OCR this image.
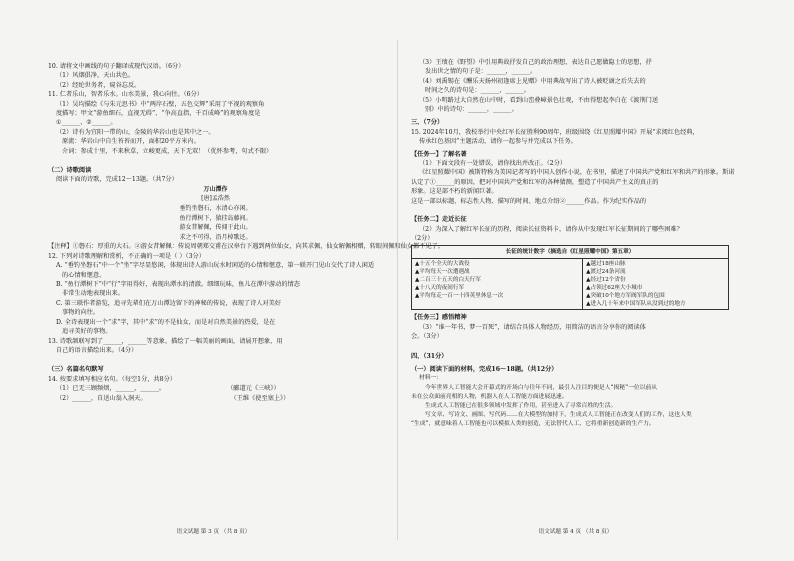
10. 请将文中画线的句子翻译成现代汉语。（6分）
（1）风烟俱净，天山共色。
（2）经纶世务者，窥谷忘反。
11. 仁者乐山，智者乐水。山水美景，我心向往。（6分）
（1）吴均描绘《与朱元思书》中“两岸石壁，五色交辉”采用了平视的观察角
度描写；甲文“游鱼细石，直视无碍”、“争高直指，千百成峰”的观察角度是
①______、②______。
（2）诗有为宜阳一带的山，金陵的华岩山也是其中之一。
原流：华岩山中自生苔苔而开，面积20平方米内。
介词：参成十里，不来秋草，立峻更成，天下无双！（优怀参考，句式不限）
（二）诗歌阅读
阅读下面的诗歌，完成12～13题。（共7分）
万山潭作
[唐]孟浩然
垂钓坐磐石，水清心亦闲。
鱼行潭树下，猿挂岛藤间。
游女昔解佩，传闻于此山。
求之不可得，沿月棹歌还。
【注释】①磐石：厚重的大石。②游女昔解佩：传说周朝郑交甫在汉皋台下遇到两位仙女，向其求佩，仙女解佩相赠，转眼间佩和仙女都不见了。
12. 下列对诗歌理解和赏析，不正确的一项是（ ）（3分）
A. “垂钓坐磐石”中一个“坐”字尽显悠闲，体现出诗人游山玩水时闲适的心情和惬意，第一联开门见山交代了诗人闲适
的心情和惬意。
B. “鱼行潭树下”中“行”字用得好，表现出潭水的清澈。细细玩味，鱼儿在潭中游动的情态
非常生动地表现出来。
C. 第三联作者游览，追寻先辈们在万山潭边留下的神秘的传说，表现了诗人对美好
事物的向往。
D. 全诗表现出一个“求”字，其中“求”的不是仙女，而是对自然美景的热爱，是在
追寻美好的事物。
13. 诗歌颔联写到了______，______等意象，描绘了一幅美丽的画面，请展开想象，用
自己的语言描绘出来。（4分）
（三）名篇名句默写
14. 按要求填写相应名句。（每空1分，共8分）
（1）已无三顾频烦，______，______。	（郦道元《三峡》）
（2）______，自送山翁入洞天。	（王维《使至塞上》）
语文试题 第 3 页 （共 8 页）
（3）王绩在《野望》中引用典故抒发自己的政治理想，表达自己愿做隐士的思想，抒
发出世之情的句子是：______，______。
（4）刘禹锡在《酬乐天扬州初逢席上见赠》中用典故写出了诗人被贬谪之后失去的
时间之久的诗句是：______，______。
（5）小明路过大自然在山中时，看到山峦叠嶂景色壮观，不由得想起李白在《渡荆门送
别》中的诗句：______，______。
三、（7分）
15. 2024年10月，我校举行中央红军长征胜利90周年，班级围绕《红星照耀中国》开展“求阅红色经典，
传承红色基因”主题活动，请你一起参与并完成以下任务。
【任务一】了解名著
（1）下面文段有一处错误，请你找出并改正。（2分）
《红星照耀中国》被斯特称为美国记者写的中国人创作小说，在书里，描述了中国共产党和红军和共产的形象。斯诺
认定了①______的原因，把对中国共产党和红军的各种猜测，塑造了中国共产主义的真正的
形象。这是部不朽的新闻巨著。
这是一部以标题、标志性人物、描写的时间、地点介绍②______作品。作为纪实作品的
【任务二】走近长征
（2）为深入了解红军长征的历程，阅读长征资料卡，请你从中发现红军长征期间的了哪些困难？
（2分）
长征的统计数字（摘选自《红星照耀中国》第五章）

▲十五个全天的大战役
▲平均每天一次遭遇战
▲二百三十五天的白天行军
▲十八天的夜间行军
▲平均每走一百一十四英里休息一次

▲越过18座山脉
▲渡过24条河流
▲经过12个省份
▲占领过62座大小城市
▲突破10个地方军阀军队的包围
▲进入几十年来中国军队从没到过的地方
【任务三】感悟精神
（3）“谁一年书，梦一百死”，请结合具体人物经历，用简洁的语言分享你的阅读体
会。（3分）
四、（31分）
（一）阅读下面的材料，完成16～18题。（共12分）
材料一：
今年世界人工智能大会开幕式的开场白与往年不同，最引人注目的便是人“揭秘”一位以前从
未在公众面前亮相的人物，机器人在人工智能方面进展迅速。
生成式人工智能已在很多领域中发挥了作用，甚至进入了寻常百姓的生活。
写文章、写诗文、画图、写代码……在大模型的加持下，生成式人工智能正在改变人们的工作，这也人类
“生成”，就意味着人工智能也可以模拟人类的创造，无法替代人工，它将重新创造新的生产力。
语文试题 第 4 页 （共 8 页）
